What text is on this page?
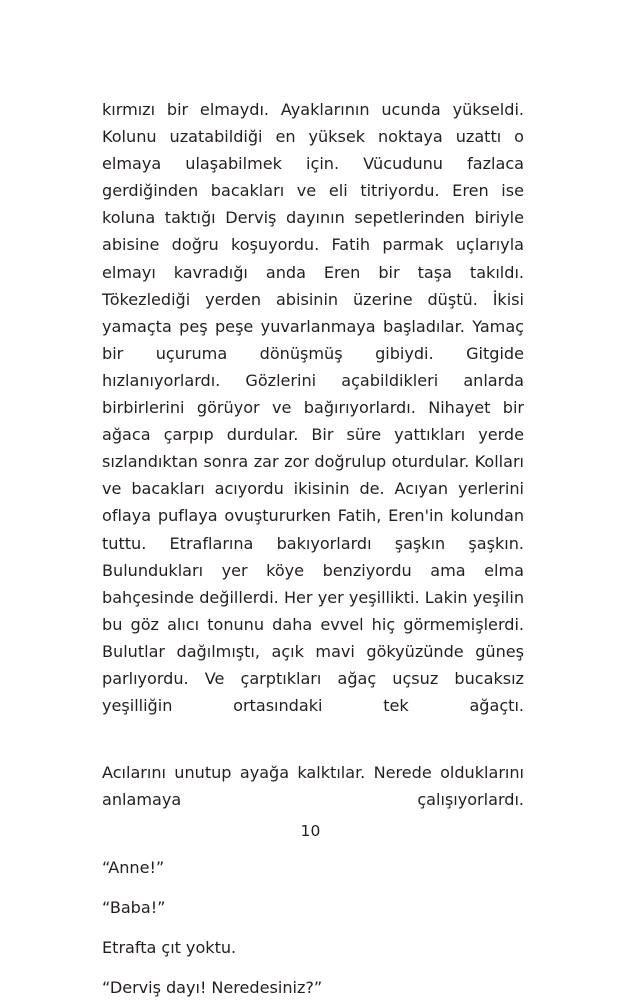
kırmızı bir elmaydı. Ayaklarının ucunda yükseldi. Kolunu uzatabildiği en yüksek noktaya uzattı o elmaya ulaşabilmek için. Vücudunu fazlaca gerdiğinden bacakları ve eli titriyordu. Eren ise koluna taktığı Derviş dayının sepetlerinden biriyle abisine doğru koşuyordu. Fatih parmak uçlarıyla elmayı kavradığı anda Eren bir taşa takıldı. Tökezlediği yerden abisinin üzerine düştü. İkisi yamaçta peş peşe yuvarlanmaya başladılar. Yamaç bir uçuruma dönüşmüş gibiydi. Gitgide hızlanıyorlardı. Gözlerini açabildikleri anlarda birbirlerini görüyor ve bağırıyorlardı. Nihayet bir ağaca çarpıp durdular. Bir süre yattıkları yerde sızlandıktan sonra zar zor doğrulup oturdular. Kolları ve bacakları acıyordu ikisinin de. Acıyan yerlerini oflaya puflaya ovuştururken Fatih, Eren'in kolundan tuttu. Etraflarına bakıyorlardı şaşkın şaşkın. Bulundukları yer köye benziyordu ama elma bahçesinde değillerdi. Her yer yeşillikti. Lakin yeşilin bu göz alıcı tonunu daha evvel hiç görmemişlerdi. Bulutlar dağılmıştı, açık mavi gökyüzünde güneş parlıyordu. Ve çarptıkları ağaç uçsuz bucaksız yeşilliğin ortasındaki tek ağaçtı.

Acılarını unutup ayağa kalktılar. Nerede olduklarını anlamaya çalışıyorlardı.

“Anne!”

“Baba!”

Etrafta çıt yoktu.

“Derviş dayı! Neredesiniz?”

10
